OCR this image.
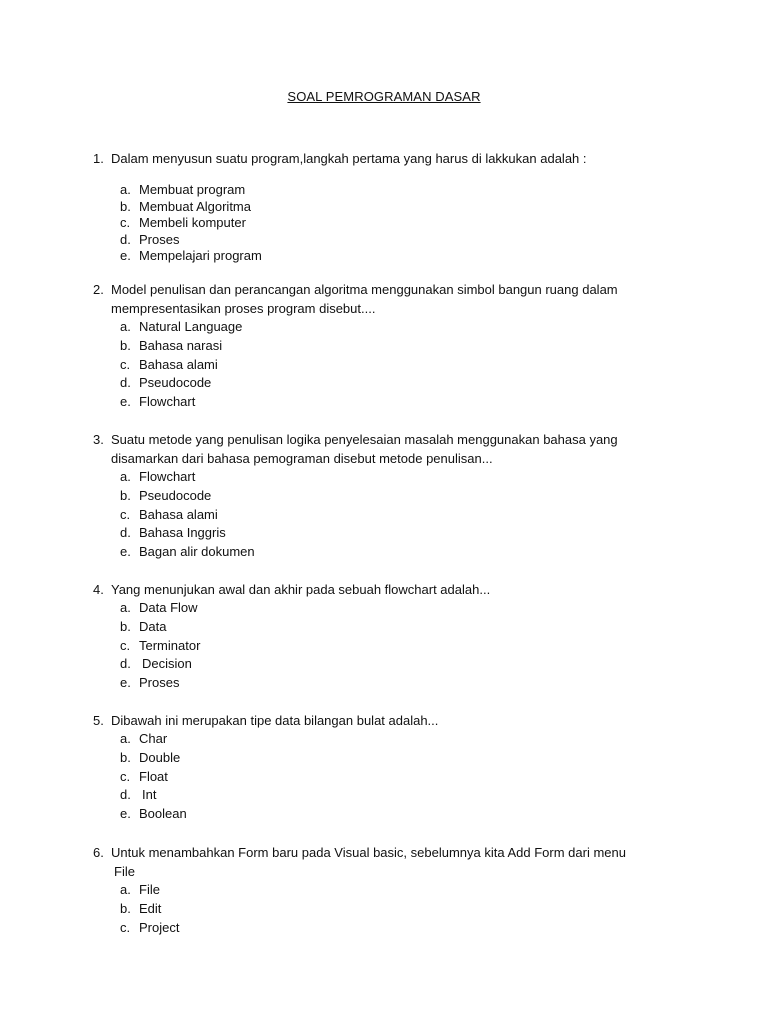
SOAL PEMROGRAMAN DASAR
1. Dalam menyusun suatu program,langkah pertama yang harus di lakkukan adalah :
a. Membuat program
b. Membuat Algoritma
c. Membeli komputer
d. Proses
e. Mempelajari program
2. Model penulisan dan perancangan algoritma menggunakan simbol bangun ruang dalam
mempresentasikan proses program disebut....
a. Natural Language
b. Bahasa narasi
c. Bahasa alami
d. Pseudocode
e. Flowchart
3. Suatu metode yang penulisan logika penyelesaian masalah menggunakan bahasa yang
disamarkan dari bahasa pemograman disebut metode penulisan...
a. Flowchart
b. Pseudocode
c. Bahasa alami
d. Bahasa Inggris
e. Bagan alir dokumen
4. Yang menunjukan awal dan akhir pada sebuah flowchart adalah...
a. Data Flow
b. Data
c. Terminator
d. Decision
e. Proses
5. Dibawah ini merupakan tipe data bilangan bulat adalah...
a. Char
b. Double
c. Float
d. Int
e. Boolean
6. Untuk menambahkan Form baru pada Visual basic, sebelumnya kita Add Form dari menu
File
a. File
b. Edit
c. Project
